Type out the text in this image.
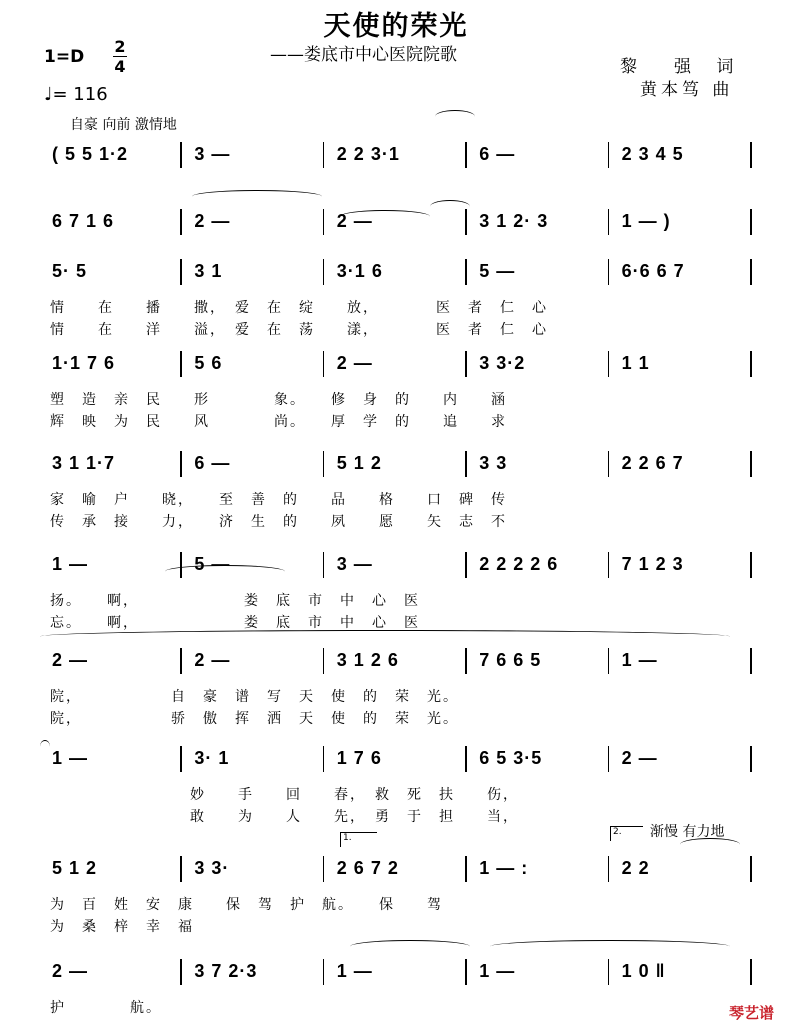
天使的荣光
——娄底市中心医院院歌
黎　强 词
黄本笃 曲
$1=D \frac{2}{4}$
♩= 116
自豪 向前 激情地
( 5 5 1·2	3 —	2 2 3·1	6 —	2 3 4 5
6 7 1 6	2 —	2 —	3 1 2· 3	1 — )
5· 5	3 1	3·1 6	5 —	6·6 6 7
情　　在　　播　　撒，　爱　在　绽　　放，　　　　医　者　仁　心
情　　在　　洋　　溢，　爱　在　荡　　漾，　　　　医　者　仁　心
1·1 7 6	5 6	2 —	3 3·2	1 1
塑　造　亲　民　　形　　　　象。　　修　身　的　　内　　涵
辉　映　为　民　　风　　　　尚。　　厚　学　的　　追　　求
3 1 1·7	6 —	5 1 2	3 3	2 2 6 7
家　喻　户　　晓，　　至　善　的　　品　　格　　口　碑　传
传　承　接　　力，　　济　生　的　　夙　　愿　　矢　志　不
1 —	5 —	3 —	2 2 2 2 6	7 1 2 3
扬。　　啊，　　　　　　　娄　底　市　中　心　医
忘。　　啊，　　　　　　　娄　底　市　中　心　医
2 —	2 —	3 1 2 6	7 6 6 5	1 —
院，　　　　　　自　豪　谱　写　天　使　的　荣　光。
院，　　　　　　骄　傲　挥　洒　天　使　的　荣　光。
1 —	3· 1	1 7 6	6 5 3·5	2 —
妙　　手　　回　　春，　救　死　扶　　伤，
敢　　为　　人　　先，　勇　于　担　　当，
5 1 2	3 3·	2 6 7 2	1 — :	2 2
为　百　姓　安　康　　保　驾　护　航。　　保　　驾
为　桑　梓　幸　福
2 —	3 7 2·3	1 —	1 —	1 0 ‖
护　　　　航。
1.
2.	渐慢 有力地
琴艺谱
